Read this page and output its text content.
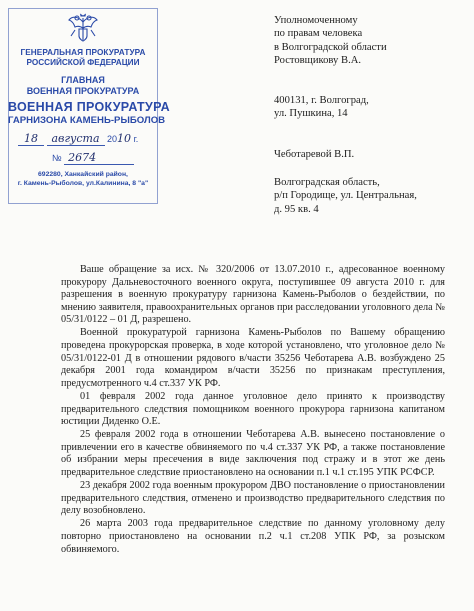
ГЕНЕРАЛЬНАЯ ПРОКУРАТУРА
РОССИЙСКОЙ ФЕДЕРАЦИИ
ГЛАВНАЯ
ВОЕННАЯ ПРОКУРАТУРА
ВОЕННАЯ ПРОКУРАТУРА
ГАРНИЗОНА КАМЕНЬ-РЫБОЛОВ
18 августа 2010 г.
№ 2674
692280, Ханкайский район,
г. Камень-Рыболов, ул.Калинина, 8 "а"
Уполномоченному
по правам человека
в Волгоградской области
Ростовщикову В.А.
400131, г. Волгоград,
ул. Пушкина, 14
Чеботаревой В.П.
Волгоградская область,
р/п Городище, ул. Центральная,
д. 95 кв. 4

Ваше обращение за исх. № 320/2006 от 13.07.2010 г., адресованное военному прокурору Дальневосточного военного округа, поступившее 09 августа 2010 г. для разрешения в военную прокуратуру гарнизона Камень-Рыболов о бездействии, по мнению заявителя, правоохранительных органов при расследовании уголовного дела № 05/31/0122 – 01 Д, разрешено.

Военной прокуратурой гарнизона Камень-Рыболов по Вашему обращению проведена прокурорская проверка, в ходе которой установлено, что уголовное дело № 05/31/0122-01 Д в отношении рядового в/части 35256 Чеботарева А.В. возбуждено 25 декабря 2001 года командиром в/части 35256 по признакам преступления, предусмотренного ч.4 ст.337 УК РФ.

01 февраля 2002 года данное уголовное дело принято к производству предварительного следствия помощником военного прокурора гарнизона капитаном юстиции Диденко О.Е.

25 февраля 2002 года в отношении Чеботарева А.В. вынесено постановление о привлечении его в качестве обвиняемого по ч.4 ст.337 УК РФ, а также постановление об избрании меры пресечения в виде заключения под стражу и в этот же день предварительное следствие приостановлено на основании п.1 ч.1 ст.195 УПК РСФСР.

23 декабря 2002 года военным прокурором ДВО постановление о приостановлении предварительного следствия, отменено и производство предварительного следствия по делу возобновлено.

26 марта 2003 года предварительное следствие по данному уголовному делу повторно приостановлено на основании п.2 ч.1 ст.208 УПК РФ, за розыском обвиняемого.
